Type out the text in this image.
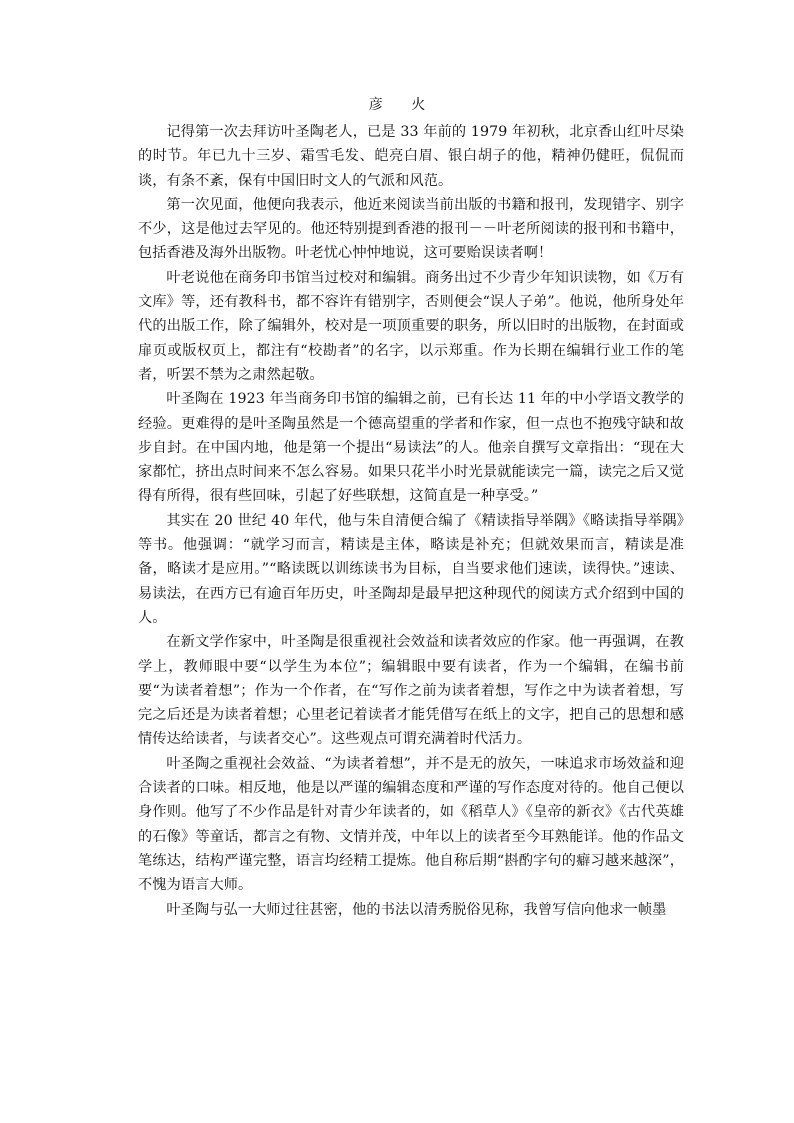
彦 火

记得第一次去拜访叶圣陶老人，已是 33 年前的 1979 年初秋，北京香山红叶尽染的时节。年已九十三岁、霜雪毛发、皑亮白眉、银白胡子的他，精神仍健旺，侃侃而谈，有条不紊，保有中国旧时文人的气派和风范。

第一次见面，他便向我表示，他近来阅读当前出版的书籍和报刊，发现错字、别字不少，这是他过去罕见的。他还特别提到香港的报刊－－叶老所阅读的报刊和书籍中，包括香港及海外出版物。叶老忧心忡忡地说，这可要贻误读者啊！

叶老说他在商务印书馆当过校对和编辑。商务出过不少青少年知识读物，如《万有文库》等，还有教科书，都不容许有错别字，否则便会“误人子弟”。他说，他所身处年代的出版工作，除了编辑外，校对是一项顶重要的职务，所以旧时的出版物，在封面或扉页或版权页上，都注有“校勘者”的名字，以示郑重。作为长期在编辑行业工作的笔者，听罢不禁为之肃然起敬。

叶圣陶在 1923 年当商务印书馆的编辑之前，已有长达 11 年的中小学语文教学的经验。更难得的是叶圣陶虽然是一个德高望重的学者和作家，但一点也不抱残守缺和故步自封。在中国内地，他是第一个提出“易读法”的人。他亲自撰写文章指出：“现在大家都忙，挤出点时间来不怎么容易。如果只花半小时光景就能读完一篇，读完之后又觉得有所得，很有些回味，引起了好些联想，这简直是一种享受。”

其实在 20 世纪 40 年代，他与朱自清便合编了《精读指导举隅》《略读指导举隅》等书。他强调：“就学习而言，精读是主体，略读是补充；但就效果而言，精读是准备，略读才是应用。”“略读既以训练读书为目标，自当要求他们速读，读得快。”速读、易读法，在西方已有逾百年历史，叶圣陶却是最早把这种现代的阅读方式介绍到中国的人。

在新文学作家中，叶圣陶是很重视社会效益和读者效应的作家。他一再强调，在教学上，教师眼中要“以学生为本位”；编辑眼中要有读者，作为一个编辑，在编书前要“为读者着想”；作为一个作者，在“写作之前为读者着想，写作之中为读者着想，写完之后还是为读者着想；心里老记着读者才能凭借写在纸上的文字，把自己的思想和感情传达给读者，与读者交心”。这些观点可谓充满着时代活力。

叶圣陶之重视社会效益、“为读者着想”，并不是无的放矢，一味追求市场效益和迎合读者的口味。相反地，他是以严谨的编辑态度和严谨的写作态度对待的。他自己便以身作则。他写了不少作品是针对青少年读者的，如《稻草人》《皇帝的新衣》《古代英雄的石像》等童话，都言之有物、文情并茂，中年以上的读者至今耳熟能详。他的作品文笔练达，结构严谨完整，语言均经精工提炼。他自称后期“斟酌字句的癖习越来越深”，不愧为语言大师。

叶圣陶与弘一大师过往甚密，他的书法以清秀脱俗见称，我曾写信向他求一帧墨
